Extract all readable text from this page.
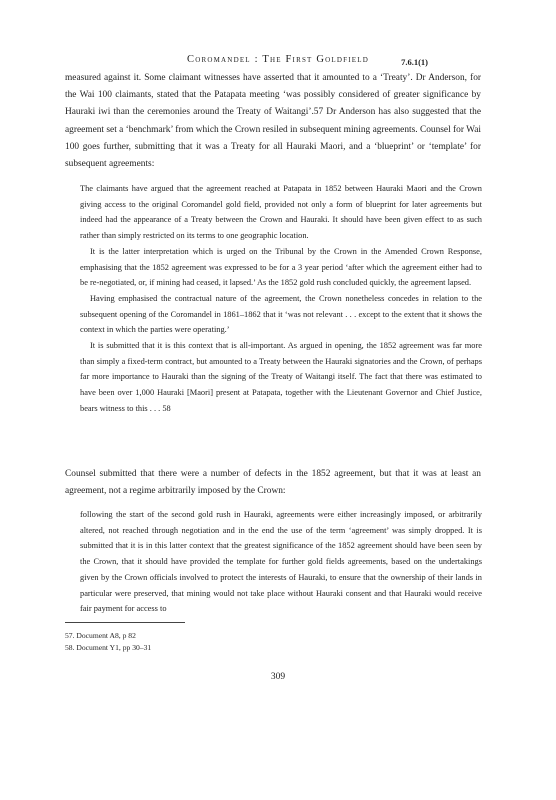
Coromandel : The First Goldfield	7.6.1(1)

measured against it. Some claimant witnesses have asserted that it amounted to a ‘Treaty’. Dr Anderson, for the Wai 100 claimants, stated that the Patapata meeting ‘was possibly considered of greater significance by Hauraki iwi than the ceremonies around the Treaty of Waitangi’.57 Dr Anderson has also suggested that the agreement set a ‘benchmark’ from which the Crown resiled in subsequent mining agreements. Counsel for Wai 100 goes further, submitting that it was a Treaty for all Hauraki Maori, and a ‘blueprint’ or ‘template’ for subsequent agreements:

The claimants have argued that the agreement reached at Patapata in 1852 between Hauraki Maori and the Crown giving access to the original Coromandel gold field, provided not only a form of blueprint for later agreements but indeed had the appearance of a Treaty between the Crown and Hauraki. It should have been given effect to as such rather than simply restricted on its terms to one geographic location.

It is the latter interpretation which is urged on the Tribunal by the Crown in the Amended Crown Response, emphasising that the 1852 agreement was expressed to be for a 3 year period ‘after which the agreement either had to be re-negotiated, or, if mining had ceased, it lapsed.’ As the 1852 gold rush concluded quickly, the agreement lapsed.

Having emphasised the contractual nature of the agreement, the Crown nonetheless concedes in relation to the subsequent opening of the Coromandel in 1861–1862 that it ‘was not relevant . . . except to the extent that it shows the context in which the parties were operating.’

It is submitted that it is this context that is all-important. As argued in opening, the 1852 agreement was far more than simply a fixed-term contract, but amounted to a Treaty between the Hauraki signatories and the Crown, of perhaps far more importance to Hauraki than the signing of the Treaty of Waitangi itself. The fact that there was estimated to have been over 1,000 Hauraki [Maori] present at Patapata, together with the Lieutenant Governor and Chief Justice, bears witness to this . . . 58

Counsel submitted that there were a number of defects in the 1852 agreement, but that it was at least an agreement, not a regime arbitrarily imposed by the Crown:

following the start of the second gold rush in Hauraki, agreements were either increasingly imposed, or arbitrarily altered, not reached through negotiation and in the end the use of the term ‘agreement’ was simply dropped. It is submitted that it is in this latter context that the greatest significance of the 1852 agreement should have been seen by the Crown, that it should have provided the template for further gold fields agreements, based on the undertakings given by the Crown officials involved to protect the interests of Hauraki, to ensure that the ownership of their lands in particular were preserved, that mining would not take place without Hauraki consent and that Hauraki would receive fair payment for access to

57. Document A8, p 82
58. Document Y1, pp 30–31
309
